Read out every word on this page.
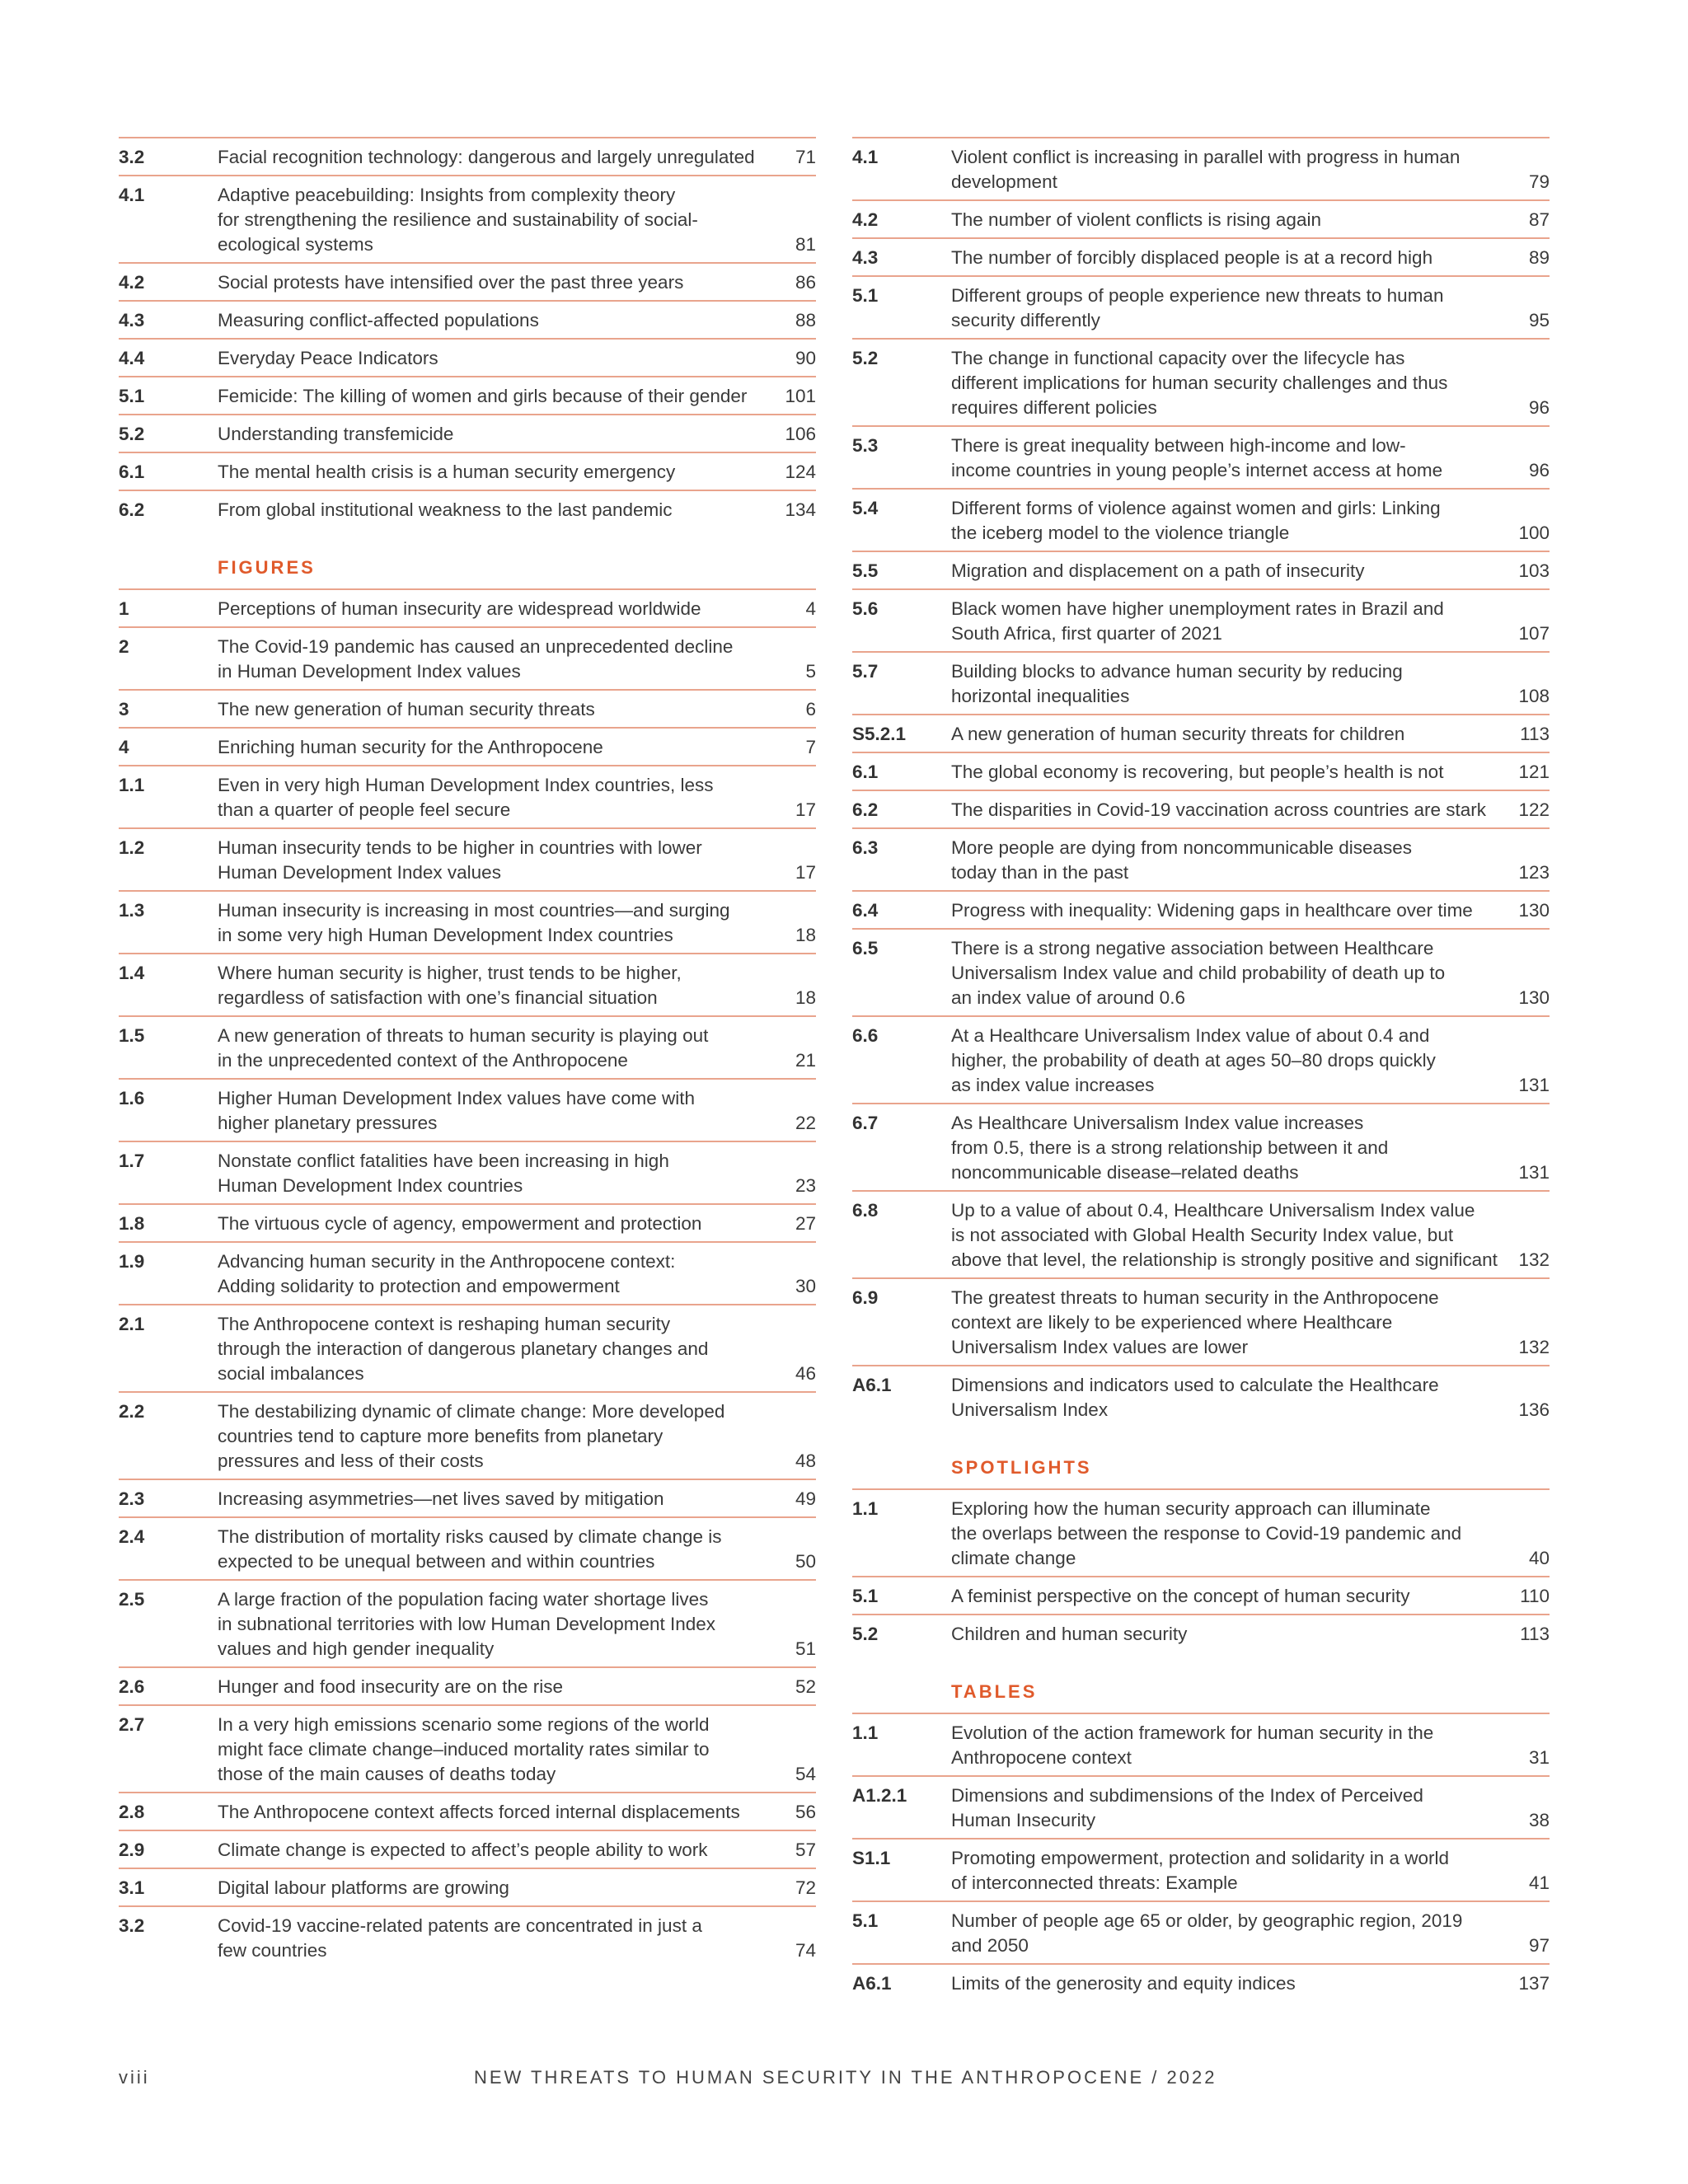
3.2	Facial recognition technology: dangerous and largely unregulated	71
4.1	Adaptive peacebuilding: Insights from complexity theory
for strengthening the resilience and sustainability of social-
ecological systems	81
4.2	Social protests have intensified over the past three years	86
4.3	Measuring conflict-affected populations	88
4.4	Everyday Peace Indicators	90
5.1	Femicide: The killing of women and girls because of their gender	101
5.2	Understanding transfemicide	106
6.1	The mental health crisis is a human security emergency	124
6.2	From global institutional weakness to the last pandemic	134
FIGURES
1	Perceptions of human insecurity are widespread worldwide	4
2	The Covid-19 pandemic has caused an unprecedented decline
in Human Development Index values	5
3	The new generation of human security threats	6
4	Enriching human security for the Anthropocene	7
1.1	Even in very high Human Development Index countries, less
than a quarter of people feel secure	17
1.2	Human insecurity tends to be higher in countries with lower
Human Development Index values	17
1.3	Human insecurity is increasing in most countries—and surging
in some very high Human Development Index countries	18
1.4	Where human security is higher, trust tends to be higher,
regardless of satisfaction with one’s financial situation	18
1.5	A new generation of threats to human security is playing out
in the unprecedented context of the Anthropocene	21
1.6	Higher Human Development Index values have come with
higher planetary pressures	22
1.7	Nonstate conflict fatalities have been increasing in high
Human Development Index countries	23
1.8	The virtuous cycle of agency, empowerment and protection	27
1.9	Advancing human security in the Anthropocene context:
Adding solidarity to protection and empowerment	30
2.1	The Anthropocene context is reshaping human security
through the interaction of dangerous planetary changes and
social imbalances	46
2.2	The destabilizing dynamic of climate change: More developed
countries tend to capture more benefits from planetary
pressures and less of their costs	48
2.3	Increasing asymmetries—net lives saved by mitigation	49
2.4	The distribution of mortality risks caused by climate change is
expected to be unequal between and within countries	50
2.5	A large fraction of the population facing water shortage lives
in subnational territories with low Human Development Index
values and high gender inequality	51
2.6	Hunger and food insecurity are on the rise	52
2.7	In a very high emissions scenario some regions of the world
might face climate change–induced mortality rates similar to
those of the main causes of deaths today	54
2.8	The Anthropocene context affects forced internal displacements	56
2.9	Climate change is expected to affect’s people ability to work	57
3.1	Digital labour platforms are growing	72
3.2	Covid-19 vaccine-related patents are concentrated in just a
few countries	74
4.1	Violent conflict is increasing in parallel with progress in human
development	79
4.2	The number of violent conflicts is rising again	87
4.3	The number of forcibly displaced people is at a record high	89
5.1	Different groups of people experience new threats to human
security differently	95
5.2	The change in functional capacity over the lifecycle has
different implications for human security challenges and thus
requires different policies	96
5.3	There is great inequality between high-income and low-
income countries in young people’s internet access at home	96
5.4	Different forms of violence against women and girls: Linking
the iceberg model to the violence triangle	100
5.5	Migration and displacement on a path of insecurity	103
5.6	Black women have higher unemployment rates in Brazil and
South Africa, first quarter of 2021	107
5.7	Building blocks to advance human security by reducing
horizontal inequalities	108
S5.2.1	A new generation of human security threats for children	113
6.1	The global economy is recovering, but people’s health is not	121
6.2	The disparities in Covid-19 vaccination across countries are stark	122
6.3	More people are dying from noncommunicable diseases
today than in the past	123
6.4	Progress with inequality: Widening gaps in healthcare over time	130
6.5	There is a strong negative association between Healthcare
Universalism Index value and child probability of death up to
an index value of around 0.6	130
6.6	At a Healthcare Universalism Index value of about 0.4 and
higher, the probability of death at ages 50–80 drops quickly
as index value increases	131
6.7	As Healthcare Universalism Index value increases
from 0.5, there is a strong relationship between it and
noncommunicable disease–related deaths	131
6.8	Up to a value of about 0.4, Healthcare Universalism Index value
is not associated with Global Health Security Index value, but
above that level, the relationship is strongly positive and significant	132
6.9	The greatest threats to human security in the Anthropocene
context are likely to be experienced where Healthcare
Universalism Index values are lower	132
A6.1	Dimensions and indicators used to calculate the Healthcare
Universalism Index	136
SPOTLIGHTS
1.1	Exploring how the human security approach can illuminate
the overlaps between the response to Covid-19 pandemic and
climate change	40
5.1	A feminist perspective on the concept of human security	110
5.2	Children and human security	113
TABLES
1.1	Evolution of the action framework for human security in the
Anthropocene context	31
A1.2.1	Dimensions and subdimensions of the Index of Perceived
Human Insecurity	38
S1.1	Promoting empowerment, protection and solidarity in a world
of interconnected threats: Example	41
5.1	Number of people age 65 or older, by geographic region, 2019
and 2050	97
A6.1	Limits of the generosity and equity indices	137
viii	NEW THREATS TO HUMAN SECURITY IN THE ANTHROPOCENE / 2022
